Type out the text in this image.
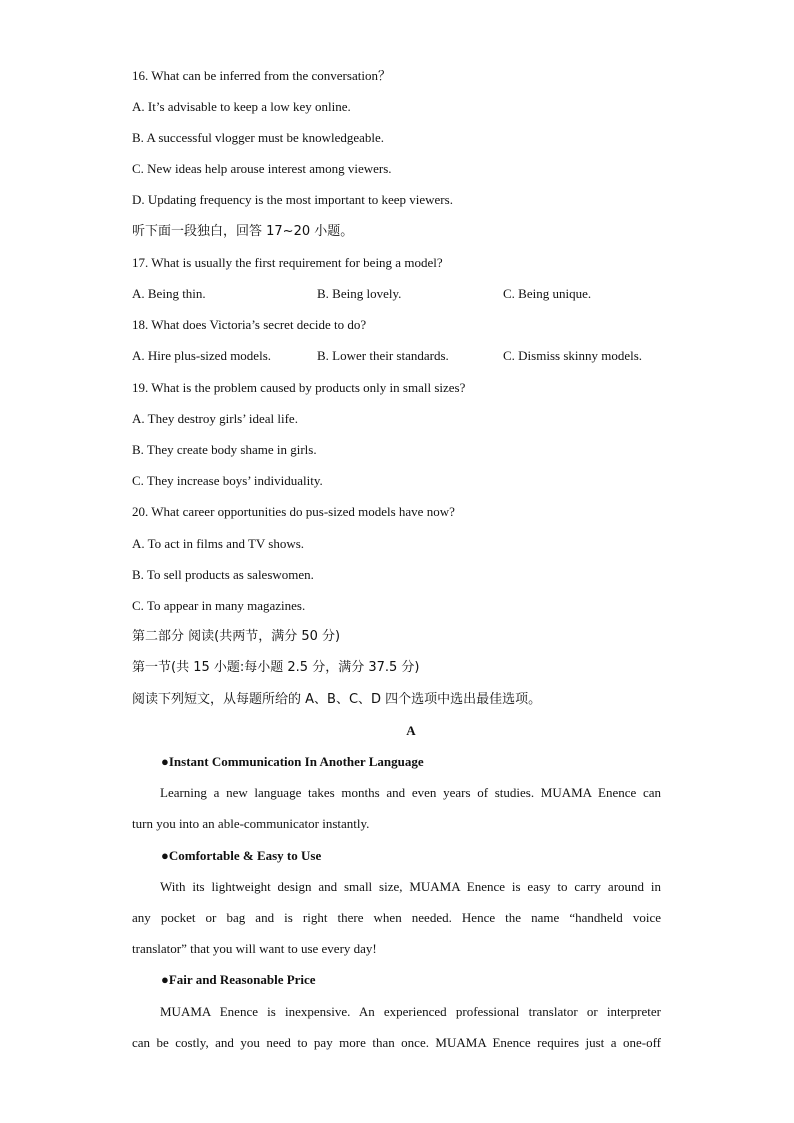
16. What can be inferred from the conversation？
A. It’s advisable to keep a low key online.
B. A successful vlogger must be knowledgeable.
C. New ideas help arouse interest among viewers.
D. Updating frequency is the most important to keep viewers.
听下面一段独白，回答 17~20 小题。
17. What is usually the first requirement for being a model?
A. Being thin.	B. Being lovely.	C. Being unique.
18. What does Victoria’s secret decide to do?
A. Hire plus-sized models.	B. Lower their standards.	C. Dismiss skinny models.
19. What is the problem caused by products only in small sizes?
A. They destroy girls’ ideal life.
B. They create body shame in girls.
C. They increase boys’ individuality.
20. What career opportunities do pus-sized models have now?
A. To act in films and TV shows.
B. To sell products as saleswomen.
C. To appear in many magazines.
第二部分 阅读(共两节，满分 50 分)
第一节(共 15 小题:每小题 2.5 分，满分 37.5 分)
阅读下列短文，从每题所给的 A、B、C、D 四个选项中选出最佳选项。
A
●Instant Communication In Another Language
Learning a new language takes months and even years of studies. MUAMA Enence can
turn you into an able-communicator instantly.
●Comfortable & Easy to Use
With its lightweight design and small size, MUAMA Enence is easy to carry around in
any pocket or bag and is right there when needed. Hence the name “handheld voice
translator” that you will want to use every day!
●Fair and Reasonable Price
MUAMA Enence is inexpensive. An experienced professional translator or interpreter
can be costly, and you need to pay more than once. MUAMA Enence requires just a one-off
